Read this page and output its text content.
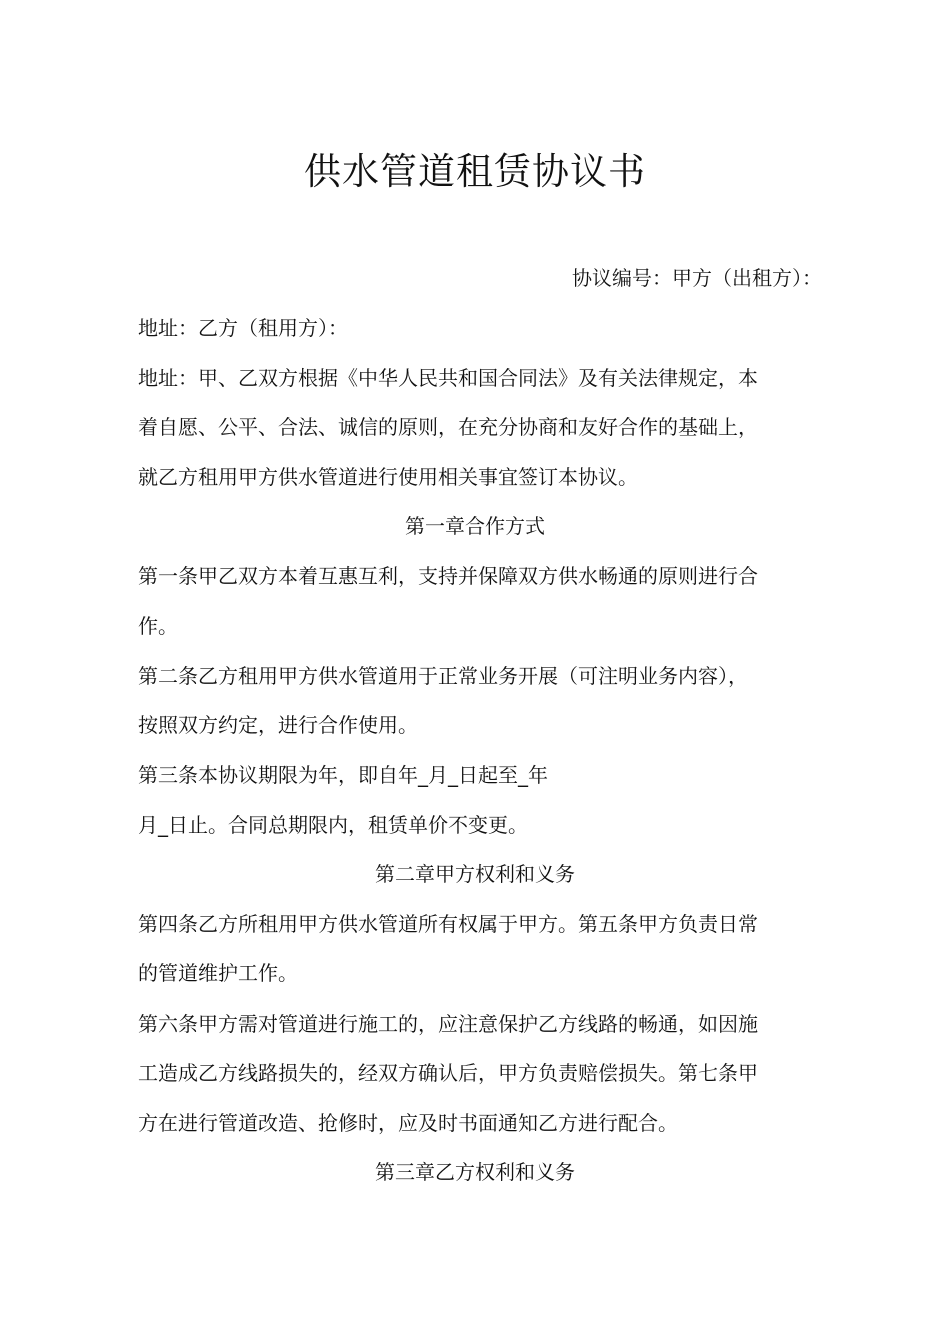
供水管道租赁协议书

协议编号：甲方（出租方）：

地址：乙方（租用方）：

地址：甲、乙双方根据《中华人民共和国合同法》及有关法律规定，本

着自愿、公平、合法、诚信的原则，在充分协商和友好合作的基础上，

就乙方租用甲方供水管道进行使用相关事宜签订本协议。

第一章合作方式

第一条甲乙双方本着互惠互利，支持并保障双方供水畅通的原则进行合

作。

第二条乙方租用甲方供水管道用于正常业务开展（可注明业务内容），

按照双方约定，进行合作使用。

第三条本协议期限为年，即自年_月_日起至_年

月_日止。合同总期限内，租赁单价不变更。

第二章甲方权利和义务

第四条乙方所租用甲方供水管道所有权属于甲方。第五条甲方负责日常

的管道维护工作。

第六条甲方需对管道进行施工的，应注意保护乙方线路的畅通，如因施

工造成乙方线路损失的，经双方确认后，甲方负责赔偿损失。第七条甲

方在进行管道改造、抢修时，应及时书面通知乙方进行配合。

第三章乙方权利和义务
